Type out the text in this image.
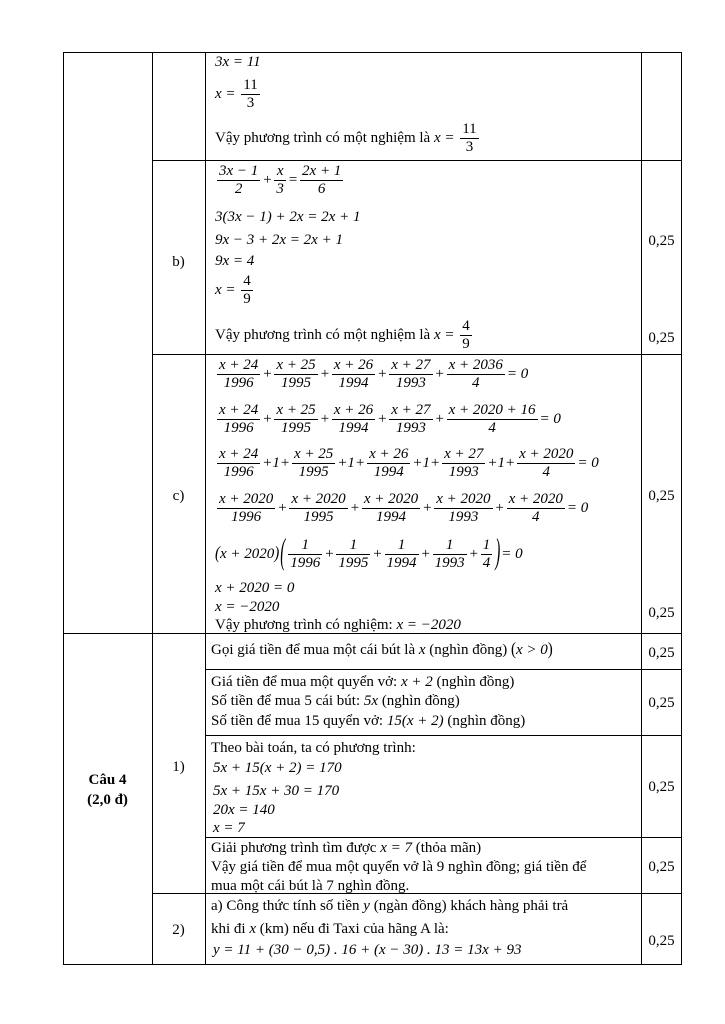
3x = 11
$x = \frac{11}{3}$
Vậy phương trình có một nghiệm là $x = \frac{11}{3}$
b)
$\frac{3x - 1}{2} + \frac{x}{3} = \frac{2x + 1}{6}$
3(3x − 1) + 2x = 2x + 1
9x − 3 + 2x = 2x + 1
9x = 4
$x = \frac{4}{9}$
Vậy phương trình có một nghiệm là $x = \frac{4}{9}$
0,25
0,25
c)
$\frac{x + 24}{1996} + \frac{x + 25}{1995} + \frac{x + 26}{1994} + \frac{x + 27}{1993} + \frac{x + 2036}{4} = 0$
$\frac{x + 24}{1996} + \frac{x + 25}{1995} + \frac{x + 26}{1994} + \frac{x + 27}{1993} + \frac{x + 2020 + 16}{4} = 0$
$\frac{x + 24}{1996} +1+ \frac{x + 25}{1995} +1+ \frac{x + 26}{1994} +1+ \frac{x + 27}{1993} +1+ \frac{x + 2020}{4} = 0$
$\frac{x + 2020}{1996} + \frac{x + 2020}{1995} + \frac{x + 2020}{1994} + \frac{x + 2020}{1993} + \frac{x + 2020}{4} = 0$
$(x + 2020)( \frac{1}{1996} + \frac{1}{1995} + \frac{1}{1994} + \frac{1}{1993} + \frac{1}{4}$ )= 0
x + 2020 = 0
x = −2020
Vậy phương trình có nghiệm: x = −2020
0,25
0,25
Câu 4
(2,0 đ)
1)
Gọi giá tiền để mua một cái bút là x (nghìn đồng) (x > 0)	0,25
Giá tiền để mua một quyển vở: x + 2 (nghìn đồng)
Số tiền để mua 5 cái bút: 5x (nghìn đồng)
Số tiền để mua 15 quyển vở: 15(x + 2) (nghìn đồng)
0,25
Theo bài toán, ta có phương trình:
5x + 15(x + 2) = 170
5x + 15x + 30 = 170
20x = 140
x = 7
0,25
Giải phương trình tìm được x = 7 (thỏa mãn)
Vậy giá tiền để mua một quyển vở là 9 nghìn đồng; giá tiền để
mua một cái bút là 7 nghìn đồng.
0,25
2)
a) Công thức tính số tiền y (ngàn đồng) khách hàng phải trả
khi đi x (km) nếu đi Taxi của hãng A là:
y = 11 + (30 − 0,5) . 16 + (x − 30) . 13 = 13x + 93
0,25
